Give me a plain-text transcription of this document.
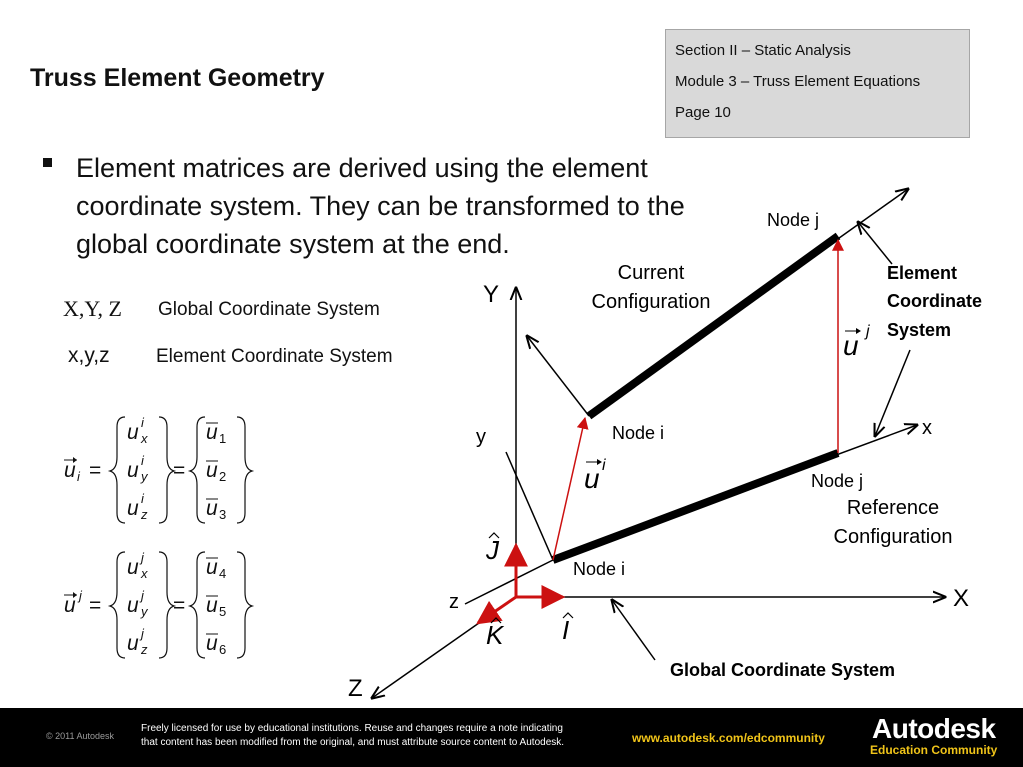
Truss Element Geometry
Section II – Static Analysis
Module 3 – Truss Element Equations
Page 10
Element matrices are derived using the element coordinate system. They can be transformed to the global coordinate system at the end.
X,Y, Z Global Coordinate System
x,y,z Element Coordinate System
u i =
u x
i
u y
i
u z
i
=
u 1
u 2
u 3
u j =
u x
j
u y
j
u z
j
=
u 4
u 5
u 6
X
Y
Z
x
y
z
J
I
K
u i
u j
Current
Configuration
Reference
Configuration
Node j
Node i
Node j
Node i
Element
Coordinate
System
Global Coordinate System
© 2011 Autodesk
Freely licensed for use by educational institutions. Reuse and changes require a note indicating
that content has been modified from the original, and must attribute source content to Autodesk.	www.autodesk.com/edcommunity Autodesk
Education Community
